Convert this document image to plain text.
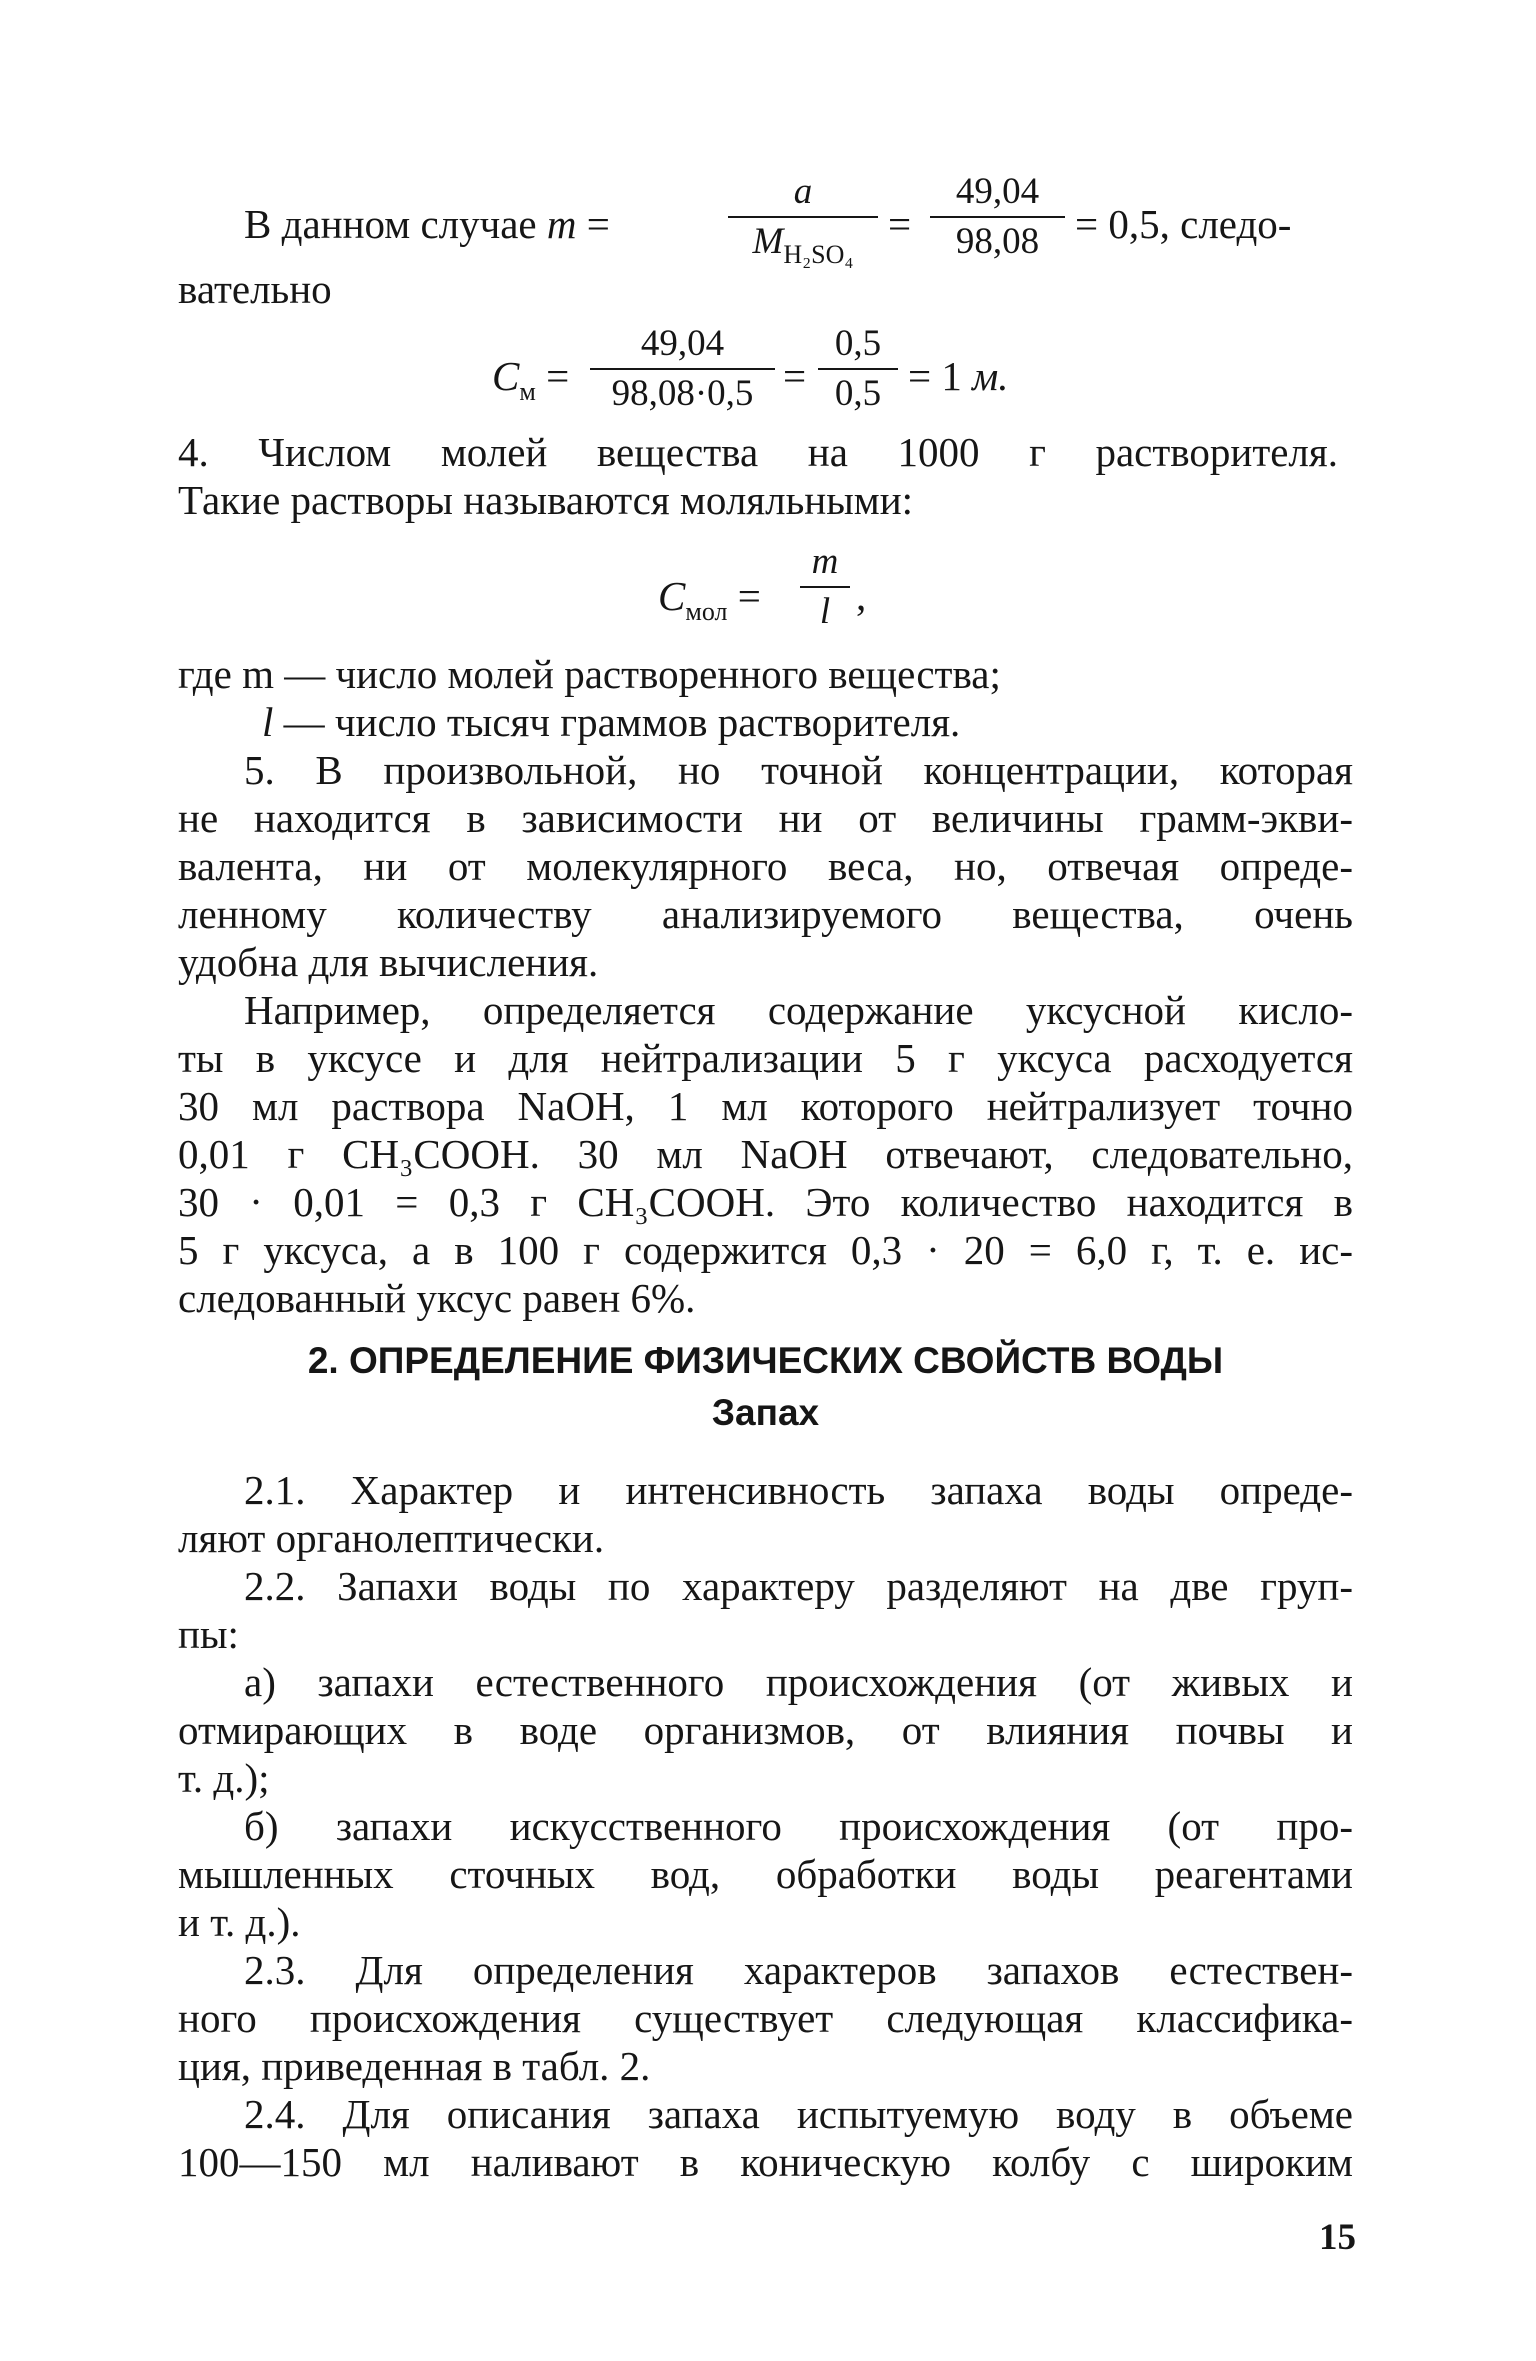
В данном случае m =	$\frac{a}{M_{H_2SO_4}} = \frac{49,04}{98,08} = 0,5$, следо-
вательно
$C_м = \frac{49,04}{98,08\cdot 0,5} = \frac{0,5}{0,5} = 1$ м.
4. Числом молей вещества на 1000 г растворителя.
Такие растворы называются моляльными:
$C_{мол} = \frac{m}{l}$ ,
где m — число молей растворенного вещества;
l — число тысяч граммов растворителя.
5. В произвольной, но точной концентрации, которая
не находится в зависимости ни от величины грамм-экви-
валента, ни от молекулярного веса, но, отвечая опреде-
ленному количеству анализируемого вещества, очень
удобна для вычисления.
Например, определяется содержание уксусной кисло-
ты в уксусе и для нейтрализации 5 г уксуса расходуется
30 мл раствора NaOH, 1 мл которого нейтрализует точно
0,01 г CH₃COOH. 30 мл NaOH отвечают, следовательно,
30 · 0,01 = 0,3 г CH₃COOH. Это количество находится в
5 г уксуса, а в 100 г содержится 0,3 · 20 = 6,0 г, т. е. ис-
следованный уксус равен 6%.
2. ОПРЕДЕЛЕНИЕ ФИЗИЧЕСКИХ СВОЙСТВ ВОДЫ
Запах
2.1. Характер и интенсивность запаха воды опреде-
ляют органолептически.
2.2. Запахи воды по характеру разделяют на две груп-
пы:
а) запахи естественного происхождения (от живых и
отмирающих в воде организмов, от влияния почвы и
т. д.);
б) запахи искусственного происхождения (от про-
мышленных сточных вод, обработки воды реагентами
и т. д.).
2.3. Для определения характеров запахов естествен-
ного происхождения существует следующая классифика-
ция, приведенная в табл. 2.
2.4. Для описания запаха испытуемую воду в объеме
100—150 мл наливают в коническую колбу с широким
15
